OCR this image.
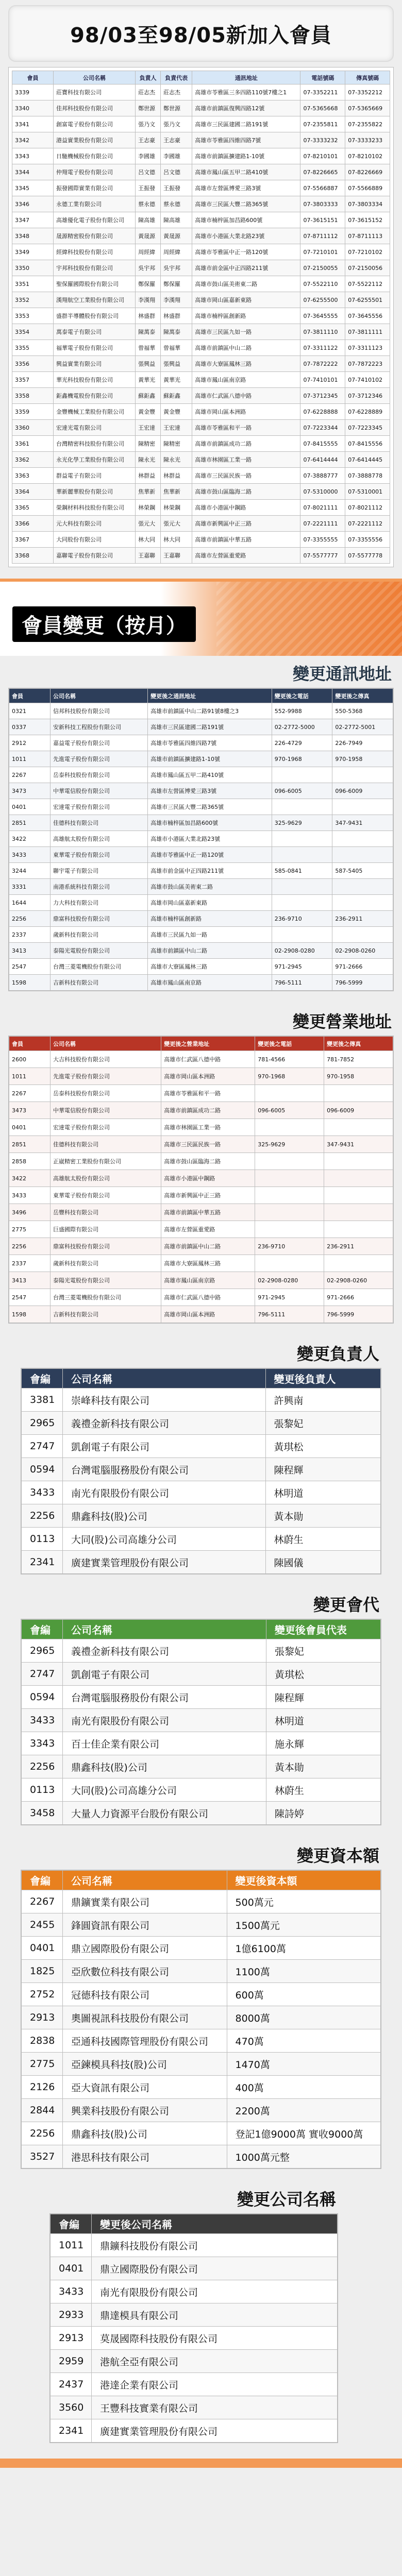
98/03至98/05新加入會員
會員	公司名稱	負責人	負責代表	通訊地址	電話號碼	傳真號碼
3339	莊寶科技有限公司	莊志杰	莊志杰	高雄市苓雅區三多四路110號7樓之1	07-3352211	07-3352212
3340	佳邦科技股份有限公司	鄭世源	鄭世源	高雄市前鎮區復興四路12號	07-5365668	07-5365669
3341	創富電子股份有限公司	張乃文	張乃文	高雄市三民區建國二路191號	07-2355811	07-2355822
3342	港益實業股份有限公司	王志豪	王志豪	高雄市苓雅區四維四路7號	07-3333232	07-3333233
3343	日馳機械股份有限公司	李國雄	李國雄	高雄市前鎮區擴建路1-10號	07-8210101	07-8210102
3344	仲翔電子股份有限公司	呂文德	呂文德	高雄市鳳山區五甲二路410號	07-8226665	07-8226669
3345	振發國際實業有限公司	王振發	王振發	高雄市左營區博愛三路3號	07-5566887	07-5566889
3346	永德工業有限公司	蔡永德	蔡永德	高雄市三民區大豐二路365號	07-3803333	07-3803334
3347	高雄優化電子股份有限公司	陳高雄	陳高雄	高雄市楠梓區加昌路600號	07-3615151	07-3615152
3348	晟源精密股份有限公司	黃晟源	黃晟源	高雄市小港區大業北路23號	07-8711112	07-8711113
3349	經緯科技股份有限公司	周經緯	周經緯	高雄市苓雅區中正一路120號	07-7210101	07-7210102
3350	宇邦科技股份有限公司	吳宇邦	吳宇邦	高雄市前金區中正四路211號	07-2150055	07-2150056
3351	聖保羅國際股份有限公司	鄭保羅	鄭保羅	高雄市鼓山區美術東二路	07-5522110	07-5522112
3352	漢翔航空工業股份有限公司	李漢翔	李漢翔	高雄市岡山區嘉新東路	07-6255500	07-6255501
3353	盛群半導體股份有限公司	林盛群	林盛群	高雄市楠梓區創新路	07-3645555	07-3645556
3354	萬泰電子有限公司	陳萬泰	陳萬泰	高雄市三民區九如一路	07-3811110	07-3811111
3355	福華電子股份有限公司	曾福華	曾福華	高雄市前鎮區中山二路	07-3311122	07-3311123
3356	興益實業有限公司	張興益	張興益	高雄市大寮區鳳林三路	07-7872222	07-7872223
3357	華光科技股份有限公司	黃華光	黃華光	高雄市鳳山區南京路	07-7410101	07-7410102
3358	鉅鑫機電股份有限公司	蘇鉅鑫	蘇鉅鑫	高雄市仁武區八德中路	07-3712345	07-3712346
3359	金豐機械工業股份有限公司	黃金豐	黃金豐	高雄市岡山區本洲路	07-6228888	07-6228889
3360	宏達光電有限公司	王宏達	王宏達	高雄市苓雅區和平一路	07-7223344	07-7223345
3361	台灣精密科技股份有限公司	陳精密	陳精密	高雄市前鎮區成功二路	07-8415555	07-8415556
3362	永光化學工業股份有限公司	陳永光	陳永光	高雄市林園區工業一路	07-6414444	07-6414445
3363	群益電子有限公司	林群益	林群益	高雄市三民區民族一路	07-3888777	07-3888778
3364	華新麗華股份有限公司	焦華新	焦華新	高雄市鼓山區臨海二路	07-5310000	07-5310001
3365	榮鋼材料科技股份有限公司	林榮鋼	林榮鋼	高雄市小港區中鋼路	07-8021111	07-8021112
3366	元大科技有限公司	張元大	張元大	高雄市新興區中正三路	07-2221111	07-2221112
3367	大同股份有限公司	林大同	林大同	高雄市前鎮區中華五路	07-3355555	07-3355556
3368	嘉聯電子股份有限公司	王嘉聯	王嘉聯	高雄市左營區重愛路	07-5577777	07-5577778
會員變更（按月）
變更通訊地址
會員	公司名稱	變更後之通訊地址	變更後之電話	變更後之傳真
0321	信邦科技股份有限公司	高雄市前鎮區中山二路91號8樓之3	552-9988	550-5368
0337	安新科技工程股份有限公司	高雄市三民區建國二路191號	02-2772-5000	02-2772-5001
2912	嘉益電子股份有限公司	高雄市苓雅區四維四路7號	226-4729	226-7949
1011	先進電子股份有限公司	高雄市前鎮區擴建路1-10號	970-1968	970-1958
2267	岳泰科技股份有限公司	高雄市鳳山區五甲二路410號		
3473	中華電信股份有限公司	高雄市左營區博愛三路3號	096-6005	096-6009
0401	宏達電子股份有限公司	高雄市三民區大豐二路365號		
2851	佳德科技有限公司	高雄市楠梓區加昌路600號	325-9629	347-9431
3422	高雄航太股份有限公司	高雄市小港區大業北路23號		
3433	東華電子股份有限公司	高雄市苓雅區中正一路120號		
3244	聯宇電子有限公司	高雄市前金區中正四路211號	585-0841	587-5405
3331	南港系統科技有限公司	高雄市鼓山區美術東二路		
1644	力大科技有限公司	高雄市岡山區嘉新東路		
2256	鼎富科技股份有限公司	高雄市楠梓區創新路	236-9710	236-2911
2337	歲新科技有限公司	高雄市三民區九如一路		
3413	泰陽光電股份有限公司	高雄市前鎮區中山二路	02-2908-0280	02-2908-0260
2547	台灣三菱電機股份有限公司	高雄市大寮區鳳林三路	971-2945	971-2666
1598	吉新科技有限公司	高雄市鳳山區南京路	796-5111	796-5999
變更營業地址
會員	公司名稱	變更後之營業地址	變更後之電話	變更後之傳真
2600	大吉科技股份有限公司	高雄市仁武區八德中路	781-4566	781-7852
1011	先進電子股份有限公司	高雄市岡山區本洲路	970-1968	970-1958
2267	岳泰科技股份有限公司	高雄市苓雅區和平一路		
3473	中華電信股份有限公司	高雄市前鎮區成功二路	096-6005	096-6009
0401	宏達電子股份有限公司	高雄市林園區工業一路		
2851	佳德科技有限公司	高雄市三民區民族一路	325-9629	347-9431
2858	正崴精密工業股份有限公司	高雄市鼓山區臨海二路		
3422	高雄航太股份有限公司	高雄市小港區中鋼路		
3433	東華電子股份有限公司	高雄市新興區中正三路		
3496	岳豐科技有限公司	高雄市前鎮區中華五路		
2775	巨盛國際有限公司	高雄市左營區重愛路		
2256	鼎富科技股份有限公司	高雄市前鎮區中山二路	236-9710	236-2911
2337	歲新科技有限公司	高雄市大寮區鳳林三路		
3413	泰陽光電股份有限公司	高雄市鳳山區南京路	02-2908-0280	02-2908-0260
2547	台灣三菱電機股份有限公司	高雄市仁武區八德中路	971-2945	971-2666
1598	吉新科技有限公司	高雄市岡山區本洲路	796-5111	796-5999
變更負責人
會編	公司名稱	變更後負責人
3381	崇峰科技有限公司	許興南
2965	義禮金新科技有限公司	張黎妃
2747	凱創電子有限公司	黃琪松
0594	台灣電腦服務股份有限公司	陳程輝
3433	南光有限股份有限公司	林明道
2256	鼎鑫科技(股)公司	黃本勛
0113	大同(股)公司高雄分公司	林蔚生
2341	廣建實業管理股份有限公司	陳國儀
變更會代
會編	公司名稱	變更後會員代表
2965	義禮金新科技有限公司	張黎妃
2747	凱創電子有限公司	黃琪松
0594	台灣電腦服務股份有限公司	陳程輝
3433	南光有限股份有限公司	林明道
3343	百士佳企業有限公司	施永輝
2256	鼎鑫科技(股)公司	黃本勛
0113	大同(股)公司高雄分公司	林蔚生
3458	大量人力資源平台股份有限公司	陳詩婷
變更資本額
會編	公司名稱	變更後資本額
2267	鼎鑛實業有限公司	500萬元
2455	鋒圓資訊有限公司	1500萬元
0401	鼎立國際股份有限公司	1億6100萬
1825	亞欣數位科技有限公司	1100萬
2752	冠德科技有限公司	600萬
2913	奧圖視訊科技股份有限公司	8000萬
2838	亞通科技國際管理股份有限公司	470萬
2775	亞鍊模具科技(股)公司	1470萬
2126	亞大資訊有限公司	400萬
2844	興業科技股份有限公司	2200萬
2256	鼎鑫科技(股)公司	登記1億9000萬 實收9000萬
3527	港思科技有限公司	1000萬元整
變更公司名稱
會編	變更後公司名稱
1011	鼎鑛科技股份有限公司
0401	鼎立國際股份有限公司
3433	南光有限股份有限公司
2933	鼎達模具有限公司
2913	莫晟國際科技股份有限公司
2959	港航全亞有限公司
2437	港達企業有限公司
3560	王豐科技實業有限公司
2341	廣建實業管理股份有限公司
